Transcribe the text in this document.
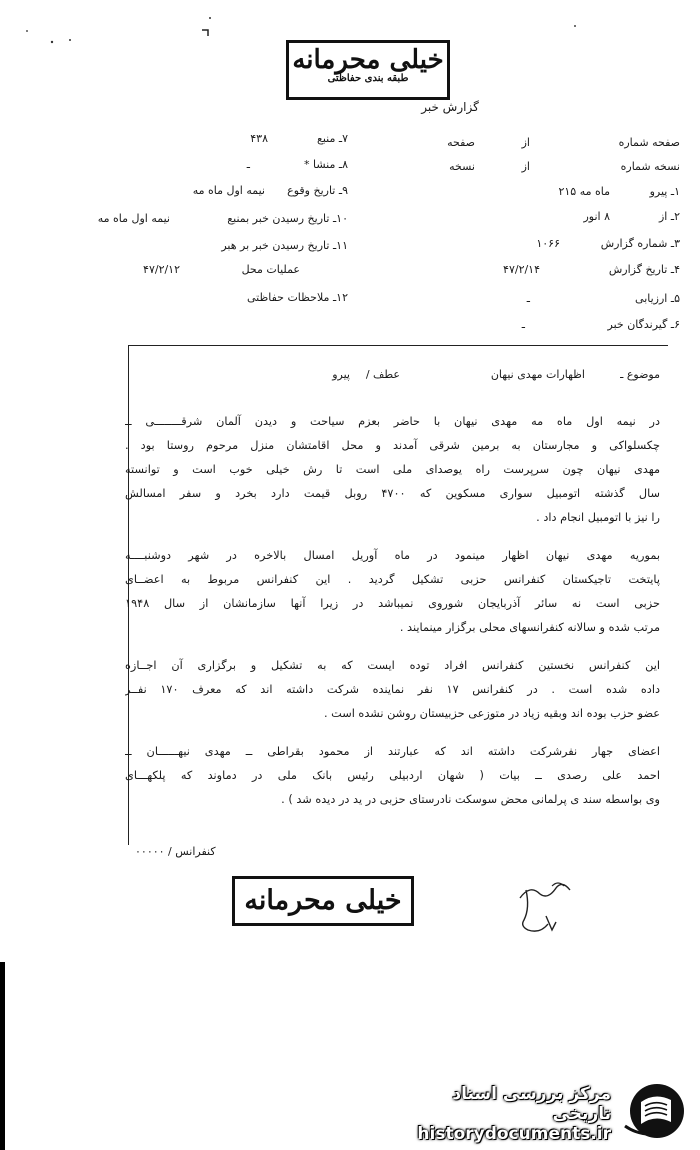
خیلی محرمانه
طبقه بندی حفاظتی
گزارش خبر
صفحه شماره
از
صفحه
نسخه شماره
از
نسخه
۱ـ پیرو
ماه مه ۲۱۵
۲ـ از
۸ انور
۳ـ شماره گزارش
۱۰۶۶
۴ـ تاریخ گزارش
۴۷/۲/۱۴
۵ـ ارزیابی
ـ
۶ـ گیرندگان خبر
ـ
۷ـ منبع
۴۳۸
۸ـ منشا *
ـ
۹ـ تاریخ وقوع
نیمه اول ماه مه
۱۰ـ تاریخ رسیدن خبر بمنبع
نیمه اول ماه مه
۱۱ـ تاریخ رسیدن خبر بر هبر
عملیات محل
۴۷/۲/۱۲
۱۲ـ ملاحظات حفاظتی
موضوع ـ
اظهارات مهدی نیهان
عطف /
پیرو
در نیمه اول ماه مه مهدی نیهان با حاضر بعزم سیاحت و دیدن آلمان شرقــــــــی ــ
چکسلواکی و مجارستان به برمین شرقی آمدند و محل اقامتشان منزل مرحوم روستا بود .
مهدی نیهان چون سرپرست راه یوصدای ملی است تا رش خیلی خوب است و توانسته
سال گذشته اتومبیل سواری مسکوین که ۴۷۰۰ روبل قیمت دارد بخرد و سفر امسالش
را نیز با اتومبیل انجام داد .
بموریه مهدی نیهان اظهار مینمود در ماه آوریل امسال بالاخره در شهر دوشنبــــه
پایتخت تاجیکستان کنفرانس حزبی تشکیل گردید . این کنفرانس مربوط به اعضــای
حزبی است نه سائر آذربایجان شوروی نمیباشد در زیرا آنها سازمانشان از سال ۱۹۴۸
مرتب شده و سالانه کنفرانسهای محلی برگزار مینمایند .
این کنفرانس نخستین کنفرانس افراد توده ایست که به تشکیل و برگزاری آن اجــازه
داده شده است . در کنفرانس ۱۷ نفر نماینده شرکت داشته اند که معرف ۱۷۰ نفــر
عضو حزب بوده اند وبقیه زیاد در متوزعی حزبیستان روشن نشده است .
اعضای جهار نفرشرکت داشته اند که عبارتند از محمود بقراطی ــ مهدی نیهــــــان ــ
احمد علی رصدی ــ بیات ( شهان اردبیلی رئیس بانک ملی در دماوند که پلکهـــای
وی بواسطه سند ی پرلمانی محض سوسکت نادرستای حزبی در ید در دیده شد ) .
کنفرانس / ۰۰۰۰۰
خیلی محرمانه
مرکز بررسی اسناد تاریخی
historydocuments.ir
